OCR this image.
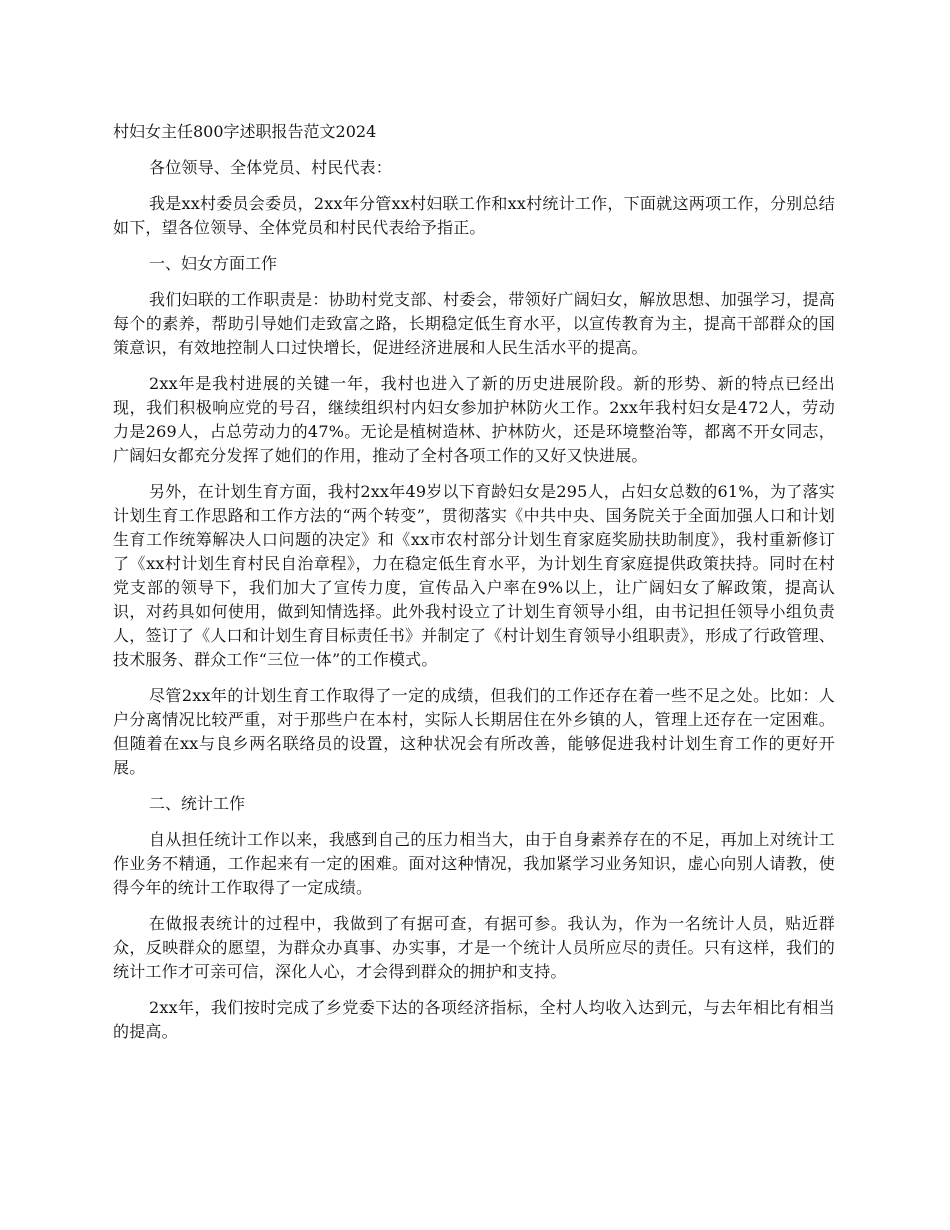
村妇女主任800字述职报告范文2024

各位领导、全体党员、村民代表：

我是xx村委员会委员，2xx年分管xx村妇联工作和xx村统计工作，下面就这两项工作，分别总结如下，望各位领导、全体党员和村民代表给予指正。

一、妇女方面工作

我们妇联的工作职责是：协助村党支部、村委会，带领好广阔妇女，解放思想、加强学习，提高每个的素养，帮助引导她们走致富之路，长期稳定低生育水平，以宣传教育为主，提高干部群众的国策意识，有效地控制人口过快增长，促进经济进展和人民生活水平的提高。

2xx年是我村进展的关键一年，我村也进入了新的历史进展阶段。新的形势、新的特点已经出现，我们积极响应党的号召，继续组织村内妇女参加护林防火工作。2xx年我村妇女是472人，劳动力是269人，占总劳动力的47%。无论是植树造林、护林防火，还是环境整治等，都离不开女同志，广阔妇女都充分发挥了她们的作用，推动了全村各项工作的又好又快进展。

另外，在计划生育方面，我村2xx年49岁以下育龄妇女是295人，占妇女总数的61%，为了落实计划生育工作思路和工作方法的“两个转变”，贯彻落实《中共中央、国务院关于全面加强人口和计划生育工作统筹解决人口问题的决定》和《xx市农村部分计划生育家庭奖励扶助制度》，我村重新修订了《xx村计划生育村民自治章程》，力在稳定低生育水平，为计划生育家庭提供政策扶持。同时在村党支部的领导下，我们加大了宣传力度，宣传品入户率在9%以上，让广阔妇女了解政策，提高认识，对药具如何使用，做到知情选择。此外我村设立了计划生育领导小组，由书记担任领导小组负责人，签订了《人口和计划生育目标责任书》并制定了《村计划生育领导小组职责》，形成了行政管理、技术服务、群众工作“三位一体”的工作模式。

尽管2xx年的计划生育工作取得了一定的成绩，但我们的工作还存在着一些不足之处。比如：人户分离情况比较严重，对于那些户在本村，实际人长期居住在外乡镇的人，管理上还存在一定困难。但随着在xx与良乡两名联络员的设置，这种状况会有所改善，能够促进我村计划生育工作的更好开展。

二、统计工作

自从担任统计工作以来，我感到自己的压力相当大，由于自身素养存在的不足，再加上对统计工作业务不精通，工作起来有一定的困难。面对这种情况，我加紧学习业务知识，虚心向别人请教，使得今年的统计工作取得了一定成绩。

在做报表统计的过程中，我做到了有据可查，有据可参。我认为，作为一名统计人员，贴近群众，反映群众的愿望，为群众办真事、办实事，才是一个统计人员所应尽的责任。只有这样，我们的统计工作才可亲可信，深化人心，才会得到群众的拥护和支持。

2xx年，我们按时完成了乡党委下达的各项经济指标，全村人均收入达到元，与去年相比有相当的提高。
